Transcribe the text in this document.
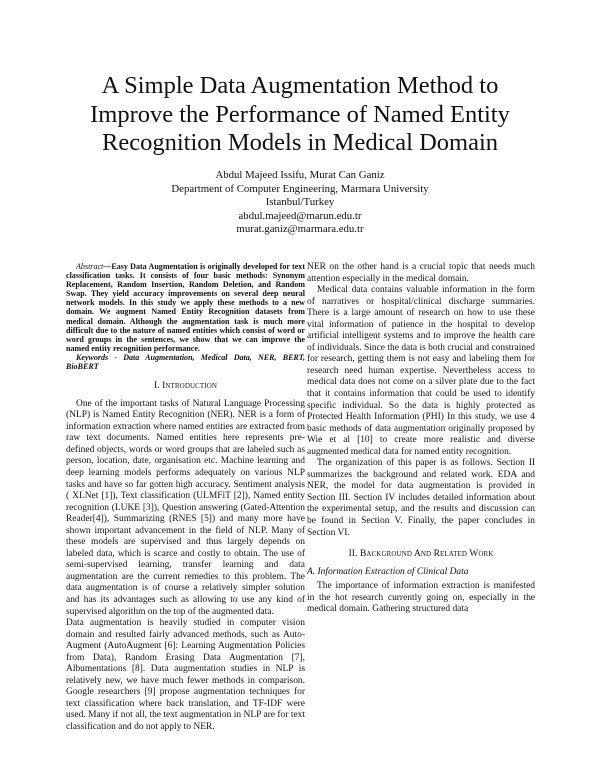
A Simple Data Augmentation Method to
Improve the Performance of Named Entity
Recognition Models in Medical Domain
Abdul Majeed Issifu, Murat Can Ganiz
Department of Computer Engineering, Marmara University
Istanbul/Turkey
abdul.majeed@marun.edu.tr
murat.ganiz@marmara.edu.tr

Abstract—Easy Data Augmentation is originally developed for text classification tasks. It consists of four basic methods: Synonym Replacement, Random Insertion, Random Deletion, and Random Swap. They yield accuracy improvements on several deep neural network models. In this study we apply these methods to a new domain. We augment Named Entity Recognition datasets from medical domain. Although the augmentation task is much more difficult due to the nature of named entities which consist of word or word groups in the sentences, we show that we can improve the named entity recognition performance.

Keywords - Data Augmentation, Medical Data, NER, BERT, BioBERT

I. Introduction

One of the important tasks of Natural Language Processing (NLP) is Named Entity Recognition (NER). NER is a form of information extraction where named entities are extracted from raw text documents. Named entities here represents pre-defined objects, words or word groups that are labeled such as person, location, date, organisation etc. Machine learning and deep learning models performs adequately on various NLP tasks and have so far gotten high accuracy. Sentiment analysis ( XLNet [1]), Text classification (ULMFiT [2]), Named entity recognition (LUKE [3]), Question answering (Gated-Attention Reader[4]), Summarizing (RNES [5]) and many more have shown important advancement in the field of NLP. Many of these models are supervised and thus largely depends on labeled data, which is scarce and costly to obtain. The use of semi-supervised learning, transfer learning and data augmentation are the current remedies to this problem. The data augmentation is of course a relatively simpler solution and has its advantages such as allowing to use any kind of supervised algorithm on the top of the augmented data.

Data augmentation is heavily studied in computer vision domain and resulted fairly advanced methods, such as Auto-Augment (AutoAugment [6]: Learning Augmentation Policies from Data), Random Erasing Data Augmentation [7], Albumentations [8]. Data augmentation studies in NLP is relatively new, we have much fewer methods in comparison. Google researchers [9] propose augmentation techniques for text classification where back translation, and TF-IDF were used. Many if not all, the text augmentation in NLP are for text classification and do not apply to NER.

NER on the other hand is a crucial topic that needs much attention especially in the medical domain.

Medical data contains valuable information in the form of narratives or hospital/clinical discharge summaries. There is a large amount of research on how to use these vital information of patience in the hospital to develop artificial intelligent systems and to improve the health care of individuals. Since the data is both crucial and constrained for research, getting them is not easy and labeling them for research need human expertise. Nevertheless access to medical data does not come on a silver plate due to the fact that it contains information that could be used to identify specific individual. So the data is highly protected as Protected Health Information (PHI) In this study, we use 4 basic methods of data augmentation originally proposed by Wie et al [10] to create more realistic and diverse augmented medical data for named entity recognition.

The organization of this paper is as follows. Section II summarizes the background and related work. EDA and NER, the model for data augmentation is provided in Section III. Section IV includes detailed information about the experimental setup, and the results and discussion can be found in Section V. Finally, the paper concludes in Section VI.

II. Background And Related Work
A. Information Extraction of Clinical Data

The importance of information extraction is manifested in the hot research currently going on, especially in the medical domain. Gathering structured data
